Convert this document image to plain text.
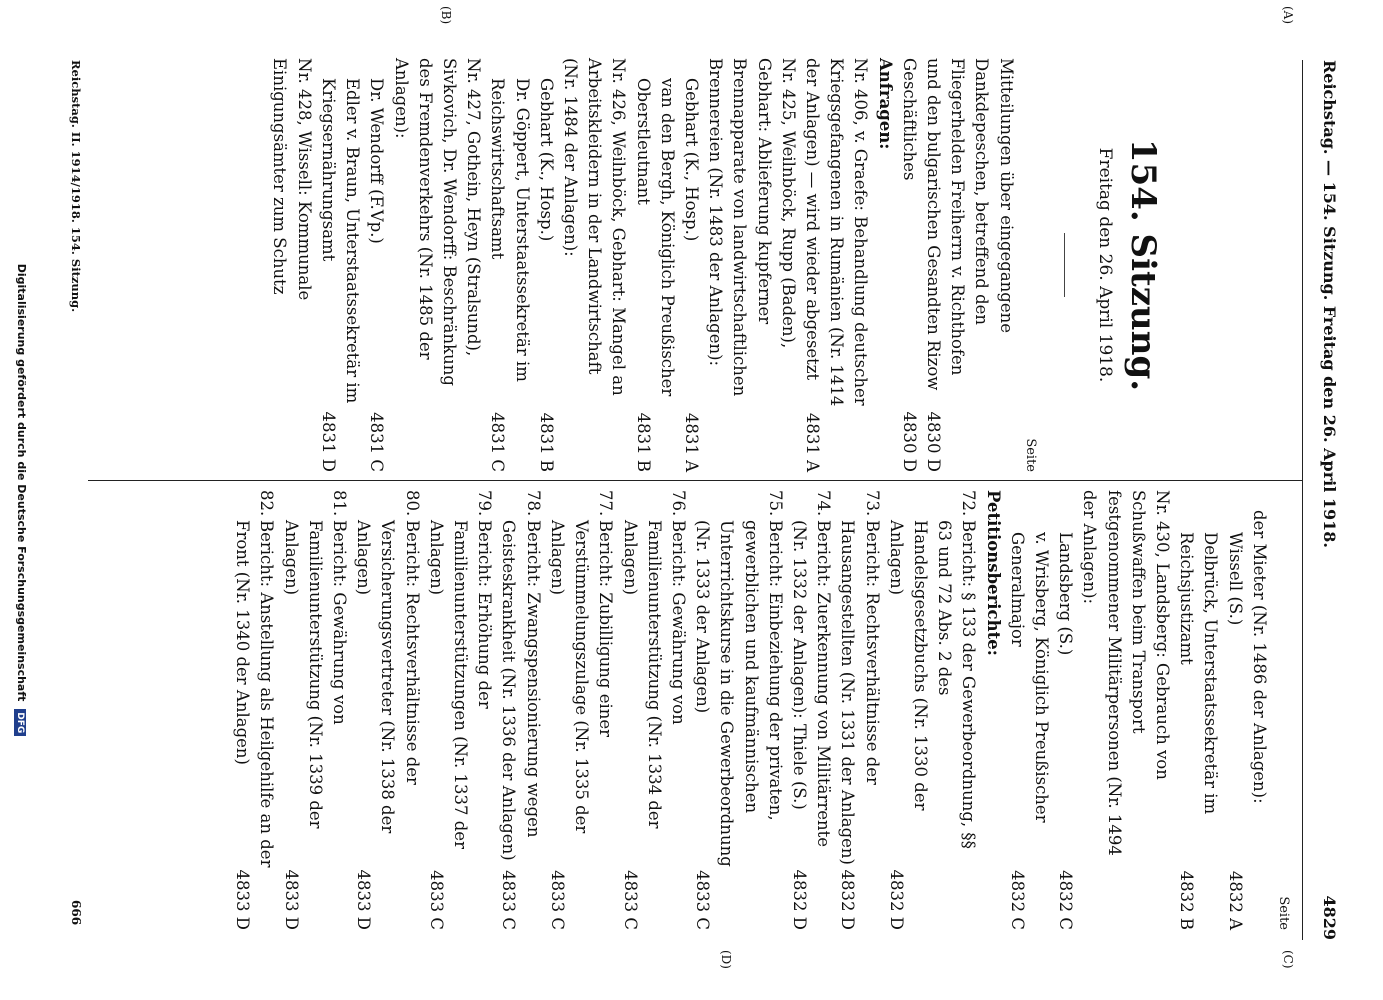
Reichstag. — 154. Sitzung. Freitag den 26. April 1918.
4829
(A)
(B)
(C)
(D)
154. Sitzung.
Freitag den 26. April 1918.
Seite
Mitteilungen über eingegangene Dankdepeschen, betreffend den Fliegerhelden Freiherrn v. Richthofen und den bulgarischen Gesandten Rizow
4830 D
Geschäftliches
4830 D
Anfragen:
Nr. 406, v. Graefe: Behandlung deutscher Kriegsgefangenen in Rumänien (Nr. 1414 der Anlagen) — wird wieder abgesetzt
4831 A
Nr. 425, Weilnböck, Rupp (Baden), Gebhart: Ablieferung kupferner Brennapparate von landwirtschaftlichen Brennereien (Nr. 1483 der Anlagen):
Gebhart (K., Hosp.)
4831 A
van den Bergh, Königlich Preußischer Oberstleutnant
4831 B
Nr. 426, Weilnböck, Gebhart: Mangel an Arbeitskleidern in der Landwirtschaft (Nr. 1484 der Anlagen):
Gebhart (K., Hosp.)
4831 B
Dr. Göppert, Unterstaatssekretär im Reichswirtschaftsamt
4831 C
Nr. 427, Gothein, Heyn (Stralsund), Sivkovich, Dr. Wendorff: Beschränkung des Fremdenverkehrs (Nr. 1485 der Anlagen):
Dr. Wendorff (F.Vp.)
4831 C
Edler v. Braun, Unterstaatssekretär im Kriegsernährungsamt
4831 D
Nr. 428, Wissell: Kommunale Einigungsämter zum Schutz
Seite
der Mieter (Nr. 1486 der Anlagen):
Wissell (S.)
4832 A
Delbrück, Unterstaatssekretär im Reichsjustizamt
4832 B
Nr. 430, Landsberg: Gebrauch von Schußwaffen beim Transport festgenommener Militärpersonen (Nr. 1494 der Anlagen):
Landsberg (S.)
4832 C
v. Wrisberg, Königlich Preußischer Generalmajor
4832 C
Petitionsberichte:
72.Bericht: § 133 der Gewerbeordnung, §§ 63 und 72 Abs. 2 des Handelsgesetzbuchs (Nr. 1330 der Anlagen)
4832 D
73.Bericht: Rechtsverhältnisse der Hausangestellten (Nr. 1331 der Anlagen)
4832 D
74.Bericht: Zuerkennung von Militärrente (Nr. 1332 der Anlagen): Thiele (S.)
4832 D
75.Bericht: Einbeziehung der privaten, gewerblichen und kaufmännischen Unterrichtskurse in die Gewerbeordnung (Nr. 1333 der Anlagen)
4833 C
76.Bericht: Gewährung von Familienunterstützung (Nr. 1334 der Anlagen)
4833 C
77.Bericht: Zubilligung einer Verstümmelungszulage (Nr. 1335 der Anlagen)
4833 C
78.Bericht: Zwangspensionierung wegen Geisteskrankheit (Nr. 1336 der Anlagen)
4833 C
79.Bericht: Erhöhung der Familienunterstützungen (Nr. 1337 der Anlagen)
4833 C
80.Bericht: Rechtsverhältnisse der Versicherungsvertreter (Nr. 1338 der Anlagen)
4833 D
81.Bericht: Gewährung von Familienunterstützung (Nr. 1339 der Anlagen)
4833 D
82.Bericht: Anstellung als Heilgehilfe an der Front (Nr. 1340 der Anlagen)
4833 D
Reichstag. II. 1914/1918. 154. Sitzung.
666
Digitalisierung gefördert durch die Deutsche Forschungsgemeinschaft DFG
